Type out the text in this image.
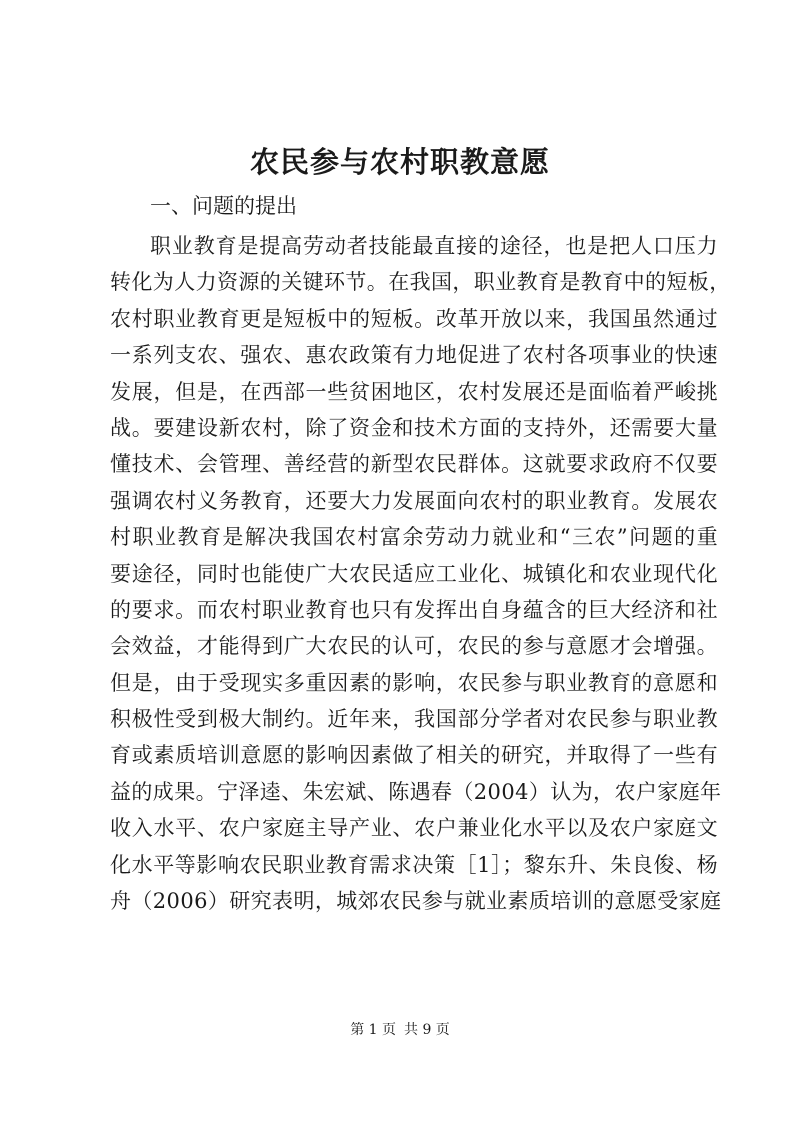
农民参与农村职教意愿

一、问题的提出

职业教育是提高劳动者技能最直接的途径，也是把人口压力
转化为人力资源的关键环节。在我国，职业教育是教育中的短板，
农村职业教育更是短板中的短板。改革开放以来，我国虽然通过
一系列支农、强农、惠农政策有力地促进了农村各项事业的快速
发展，但是，在西部一些贫困地区，农村发展还是面临着严峻挑
战。要建设新农村，除了资金和技术方面的支持外，还需要大量
懂技术、会管理、善经营的新型农民群体。这就要求政府不仅要
强调农村义务教育，还要大力发展面向农村的职业教育。发展农
村职业教育是解决我国农村富余劳动力就业和“三农”问题的重
要途径，同时也能使广大农民适应工业化、城镇化和农业现代化
的要求。而农村职业教育也只有发挥出自身蕴含的巨大经济和社
会效益，才能得到广大农民的认可，农民的参与意愿才会增强。
但是，由于受现实多重因素的影响，农民参与职业教育的意愿和
积极性受到极大制约。近年来，我国部分学者对农民参与职业教
育或素质培训意愿的影响因素做了相关的研究，并取得了一些有
益的成果。宁泽逵、朱宏斌、陈遇春（2004）认为，农户家庭年
收入水平、农户家庭主导产业、农户兼业化水平以及农户家庭文
化水平等影响农民职业教育需求决策［1］；黎东升、朱良俊、杨
舟（2006）研究表明，城郊农民参与就业素质培训的意愿受家庭
第 1 页 共 9 页
